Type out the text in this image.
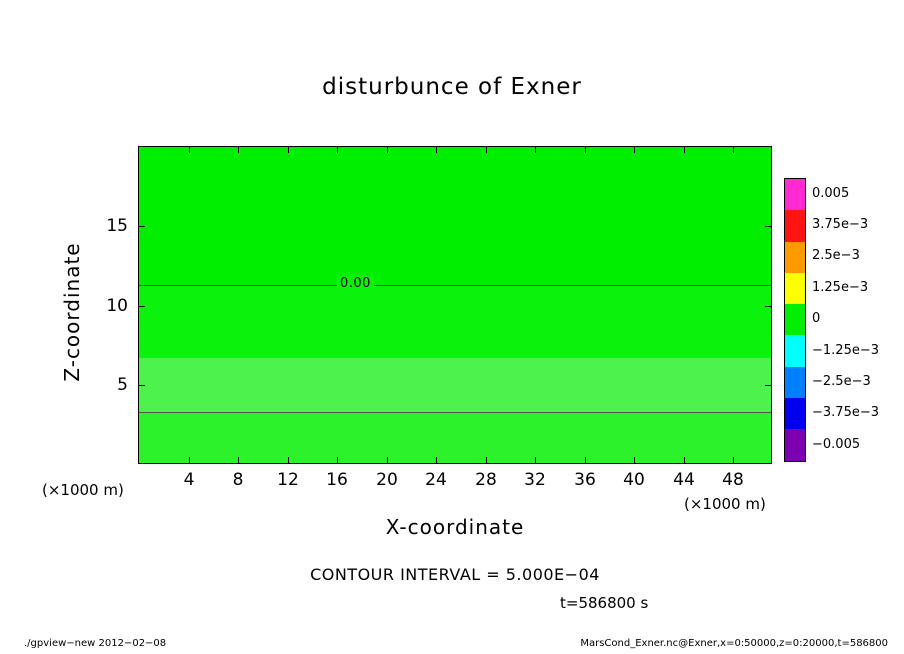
disturbunce of Exner
0.00
4	8	12	16	20	24	28	32	36	40	44	48
5
10
15
Z-coordinate
X-coordinate
(×1000 m)
(×1000 m)
CONTOUR INTERVAL = 5.000E−04
t=586800 s
./gpview−new 2012−02−08	MarsCond_Exner.nc@Exner,x=0:50000,z=0:20000,t=586800
0.005
3.75e−3
2.5e−3
1.25e−3
0
−1.25e−3
−2.5e−3
−3.75e−3
−0.005
